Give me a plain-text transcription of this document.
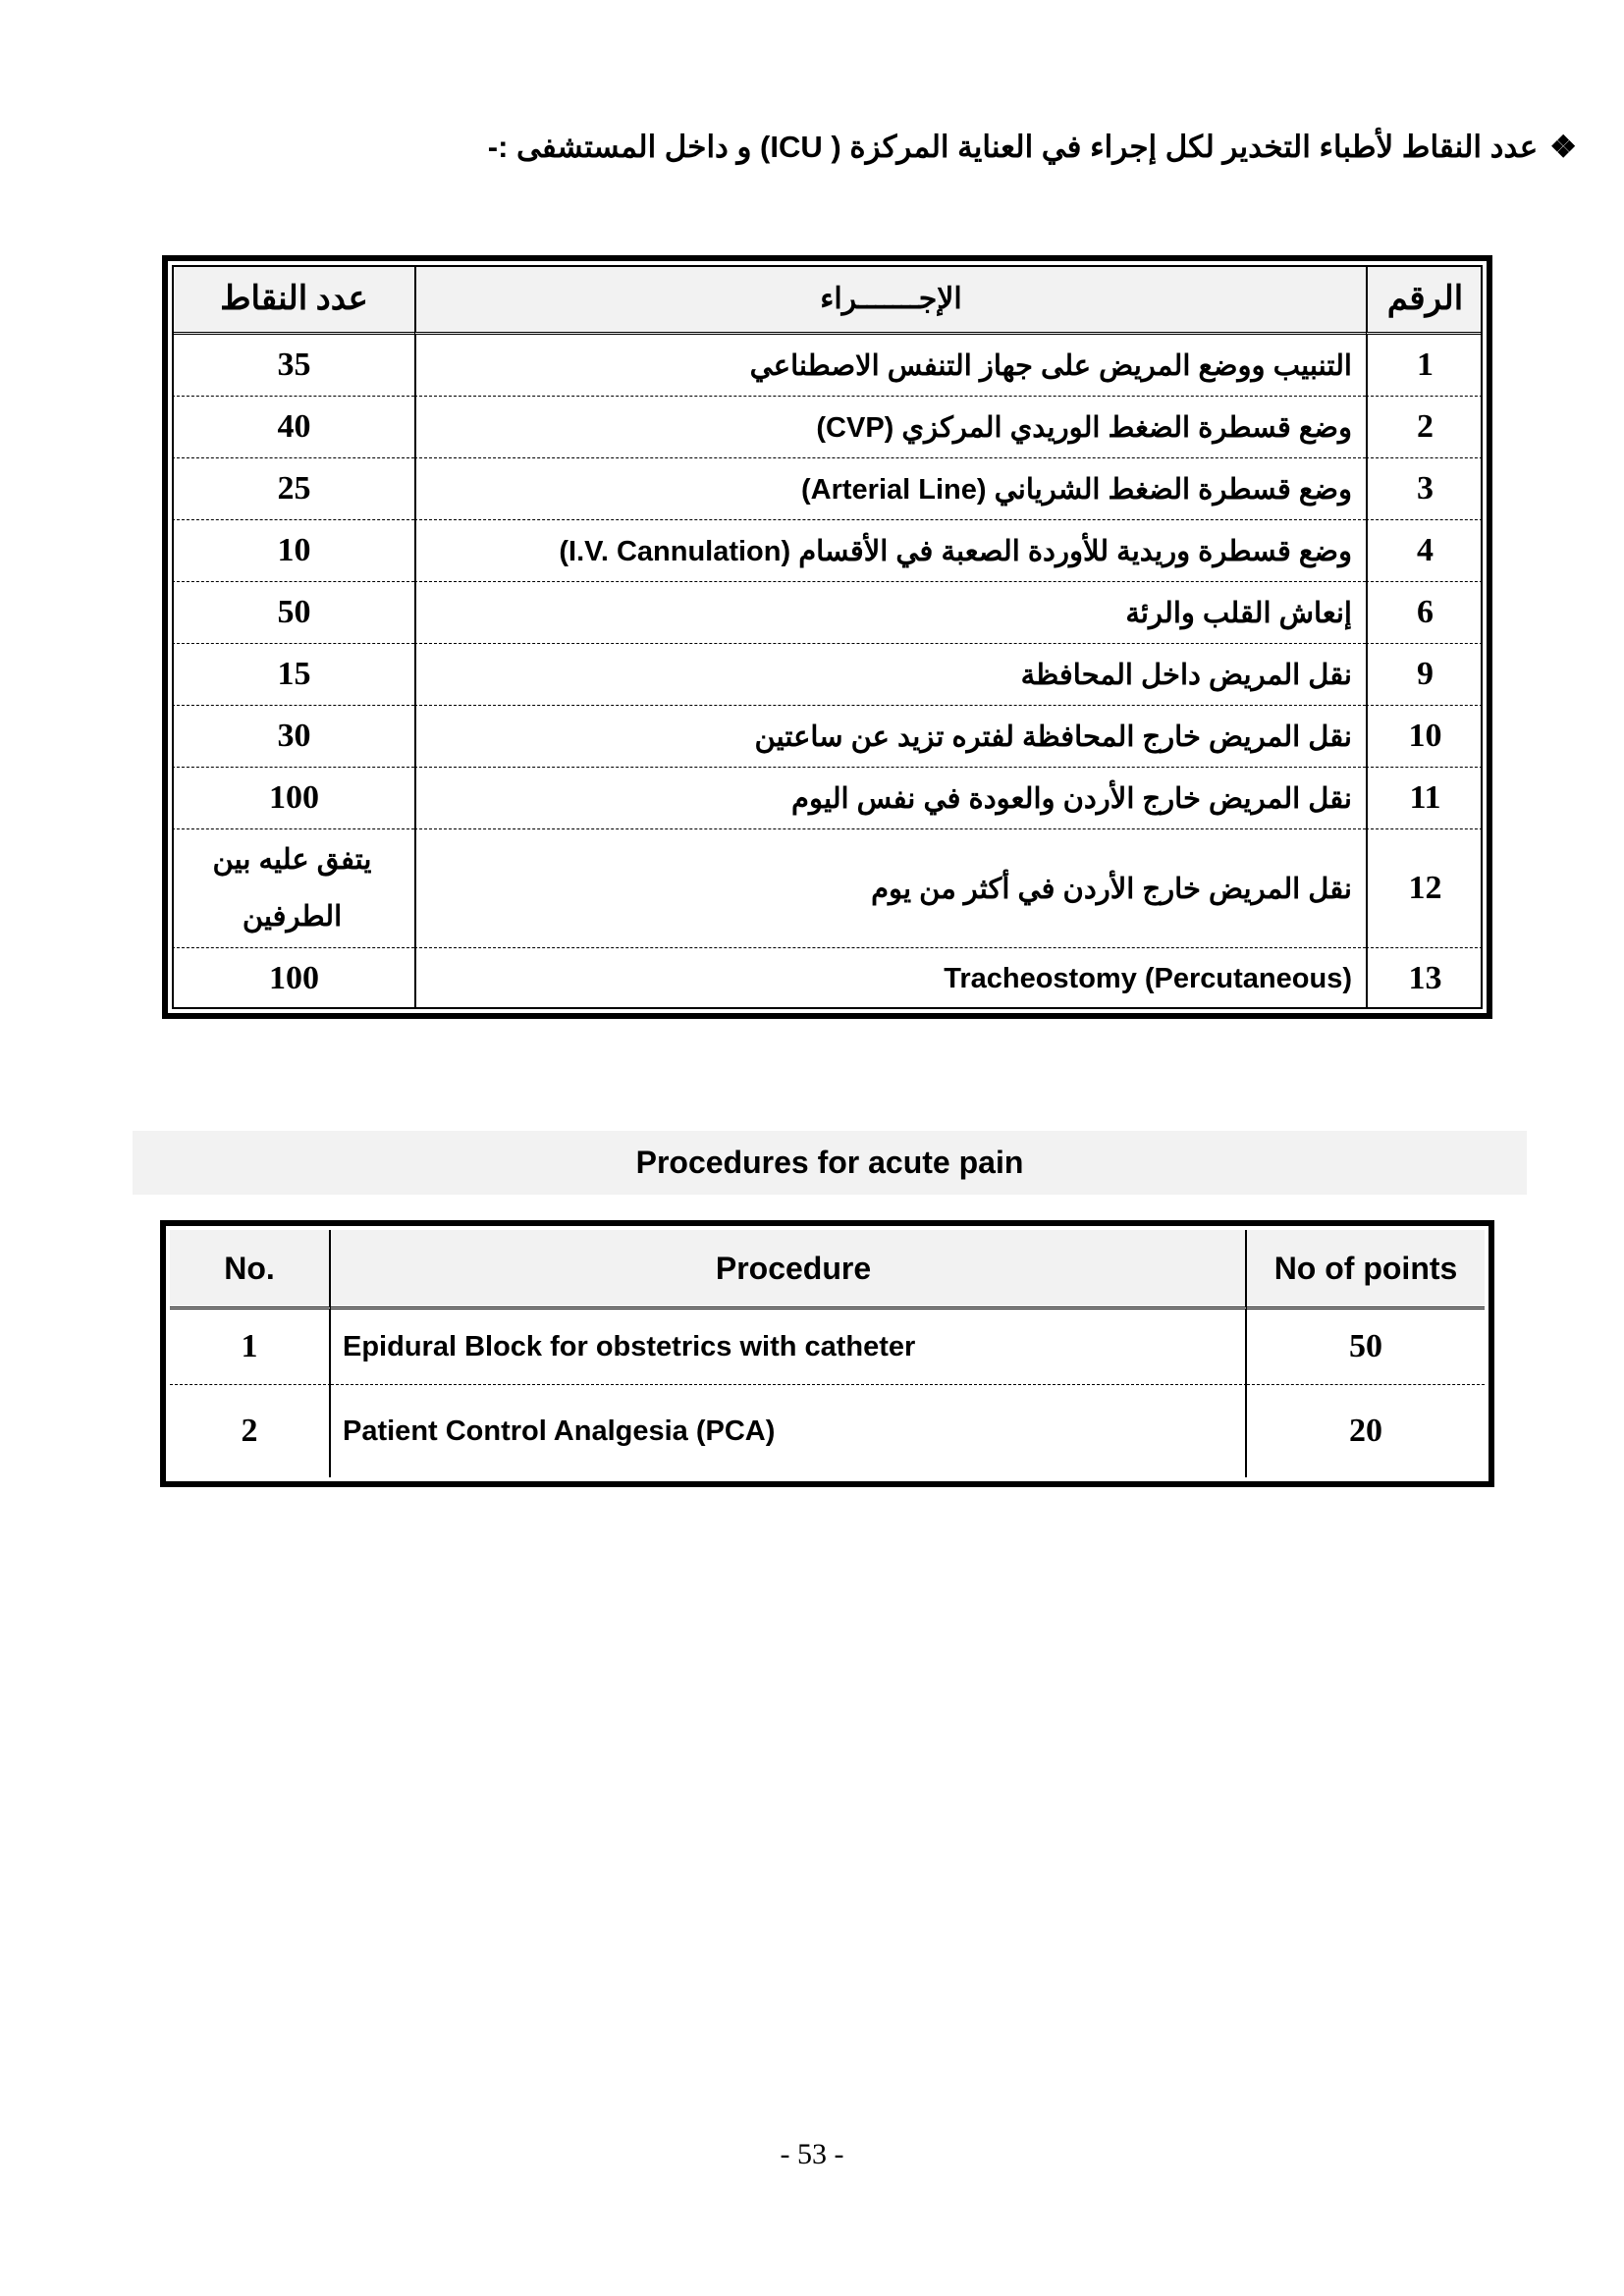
❖عدد النقاط لأطباء التخدير لكل إجراء في العناية المركزة ( ICU) و داخل المستشفى :-
عدد النقاط	الإجـــــــراء	الرقم
35	التنبيب ووضع المريض على جهاز التنفس الاصطناعي	1
40	وضع قسطرة الضغط الوريدي المركزي (CVP)	2
25	وضع قسطرة الضغط الشرياني (Arterial Line)	3
10	وضع قسطرة وريدية للأوردة الصعبة في الأقسام (I.V. Cannulation)	4
50	إنعاش القلب والرئة	6
15	نقل المريض داخل المحافظة	9
30	نقل المريض خارج المحافظة لفتره تزيد عن ساعتين	10
100	نقل المريض خارج الأردن والعودة في نفس اليوم	11
يتفق عليه بين الطرفين	نقل المريض خارج الأردن في أكثر من يوم	12
100	Tracheostomy (Percutaneous)	13
Procedures for acute pain
No.	Procedure	No of points
1	Epidural Block for obstetrics with catheter	50
2	Patient Control Analgesia (PCA)	20
- 53 -
